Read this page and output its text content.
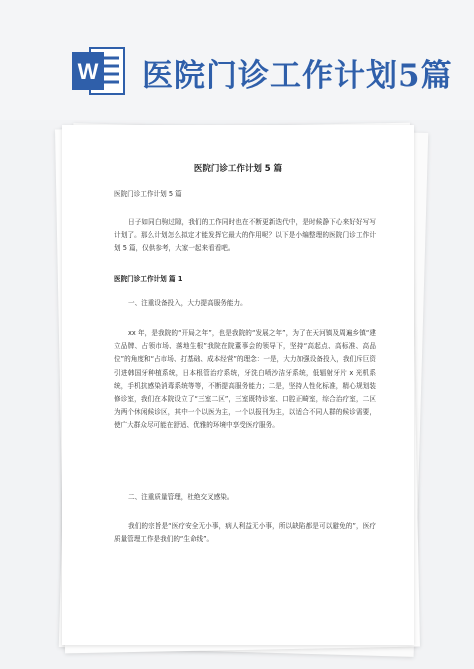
W 医院门诊工作计划5篇
医院门诊工作计划 5 篇
医院门诊工作计划 5 篇
日子如同白驹过隙，我们的工作同时也在不断更新迭代中，是时候静下心来好好写写计划了。那么计划怎么拟定才能发挥它最大的作用呢？以下是小编整理的医院门诊工作计划 5 篇，仅供参考，大家一起来看看吧。
医院门诊工作计划 篇 1
一、注重设备投入，大力提高服务能力。
xx 年，是我院的“开局之年”，也是我院的“发展之年”，为了在天河镇及周遍乡镇“建立品牌、占领市场、落地生根”我院在院董事会的领导下，坚持“高起点、高标准、高品位”的角度和“占市场、打基础、成本经营”的理念：一是，大力加强设备投入，我们斥巨资引进韩国牙种植系统，日本根管治疗系统，牙洗白喷沙洁牙系统，低辐射牙片 x 光机系统，手机抗感染消毒系统等等，不断提高服务能力；二是，坚持人性化标准，精心规划装修诊室，我们在本院设立了“三室二区”，三室既特诊室、口腔正畸室，综合治疗室，二区为两个休闲候诊区，其中一个以医为主，一个以报刊为主，以适合不同人群的候诊需要，使广大群众尽可能在舒适、优雅的环境中享受医疗服务。
二、注重质量管理，杜绝交叉感染。
我们的宗旨是“医疗安全无小事，病人利益无小事，所以缺陷都是可以避免的”，医疗质量管理工作是我们的“生命线”。
